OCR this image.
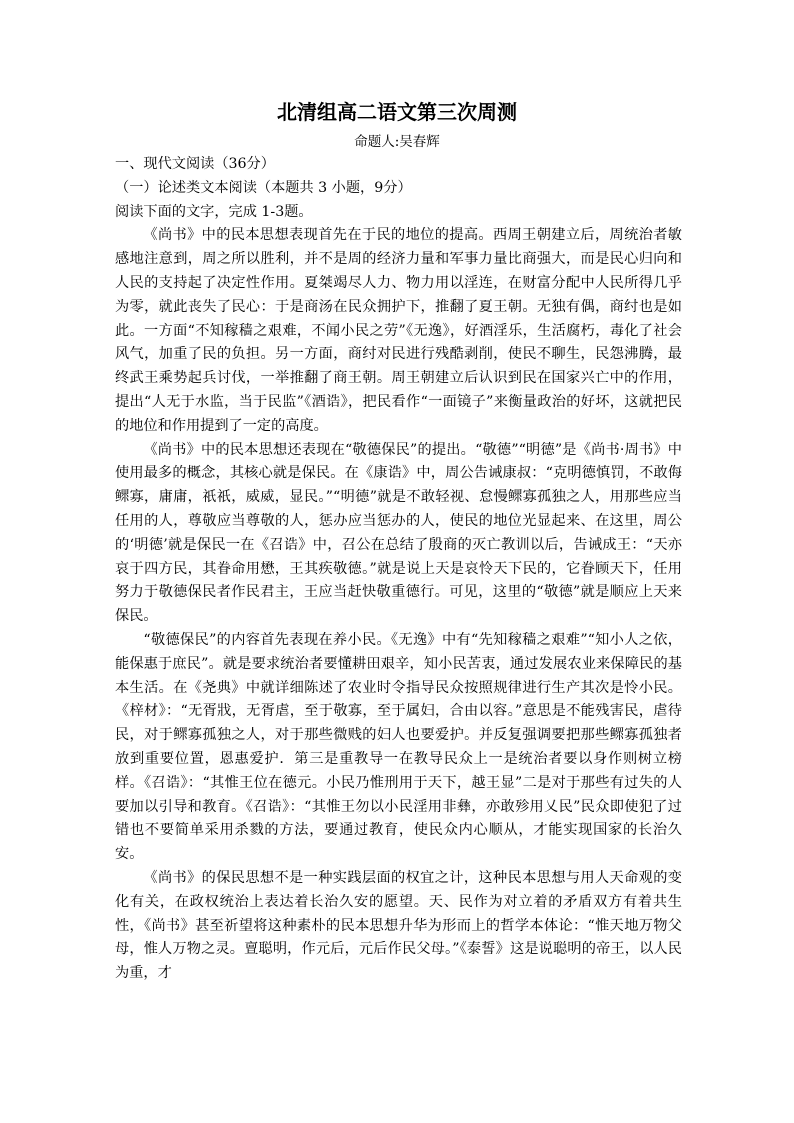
北清组高二语文第三次周测
命题人:吴春辉

一、现代文阅读（36分）

（一）论述类文本阅读（本题共 3 小题，9分）

阅读下面的文字，完成 1-3题。

《尚书》中的民本思想表现首先在于民的地位的提高。西周王朝建立后，周统治者敏感地注意到，周之所以胜利，并不是周的经济力量和军事力量比商强大，而是民心归向和人民的支持起了决定性作用。夏桀竭尽人力、物力用以淫连，在财富分配中人民所得几乎为零，就此丧失了民心：于是商汤在民众拥护下，推翻了夏王朝。无独有偶，商纣也是如此。一方面“不知稼穑之艰难，不闻小民之劳”《无逸》，好酒淫乐，生活腐朽，毒化了社会风气，加重了民的负担。另一方面，商纣对民进行残酷剥削，使民不聊生，民怨沸腾，最终武王乘势起兵讨伐，一举推翻了商王朝。周王朝建立后认识到民在国家兴亡中的作用，提出“人无于水监，当于民监”《酒诰》，把民看作“一面镜子”来衡量政治的好坏，这就把民的地位和作用提到了一定的高度。

《尚书》中的民本思想还表现在“敬德保民”的提出。“敬德”“明德”是《尚书·周书》中使用最多的概念，其核心就是保民。在《康诰》中，周公告诫康叔：“克明德慎罚，不敢侮鳏寡，庸庸，祇祇，威威，显民。”“明德”就是不敢轻视、怠慢鳏寡孤独之人，用那些应当任用的人，尊敬应当尊敬的人，惩办应当惩办的人，使民的地位光显起来、在这里，周公的‘明德’就是保民一在《召诰》中，召公在总结了殷商的灭亡教训以后，告诫成王：“天亦哀于四方民，其眷命用懋，王其疾敬德。”就是说上天是哀怜天下民的，它眷顾天下，任用努力于敬德保民者作民君主，王应当赶快敬重德行。可见，这里的“敬德”就是顺应上天来保民。

“敬德保民”的内容首先表现在养小民。《无逸》中有“先知稼穑之艰难”“知小人之依，能保惠于庶民”。就是要求统治者要懂耕田艰辛，知小民苦衷，通过发展农业来保障民的基本生活。在《尧典》中就详细陈述了农业时令指导民众按照规律进行生产其次是怜小民。《梓材》：“无胥戕，无胥虐，至于敬寡，至于属妇，合由以容。”意思是不能残害民，虐待民，对于鳏寡孤独之人，对于那些微贱的妇人也要爱护。并反复强调要把那些鳏寡孤独者放到重要位置，恩惠爱护．第三是重教导一在教导民众上一是统治者要以身作则树立榜样。《召诰》：“其惟王位在德元。小民乃惟刑用于天下，越王显”二是对于那些有过失的人要加以引导和教育。《召诰》：“其惟王勿以小民淫用非彝，亦敢殄用乂民”民众即使犯了过错也不要简单采用杀戮的方法，要通过教育，使民众内心顺从，才能实现国家的长治久安。

《尚书》的保民思想不是一种实践层面的权宜之计，这种民本思想与用人天命观的变化有关，在政权统治上表达着长治久安的愿望。天、民作为对立着的矛盾双方有着共生性，《尚书》甚至祈望将这种素朴的民本思想升华为形而上的哲学本体论：“惟天地万物父母，惟人万物之灵。亶聪明，作元后，元后作民父母。”《泰誓》这是说聪明的帝王，以人民为重，才
